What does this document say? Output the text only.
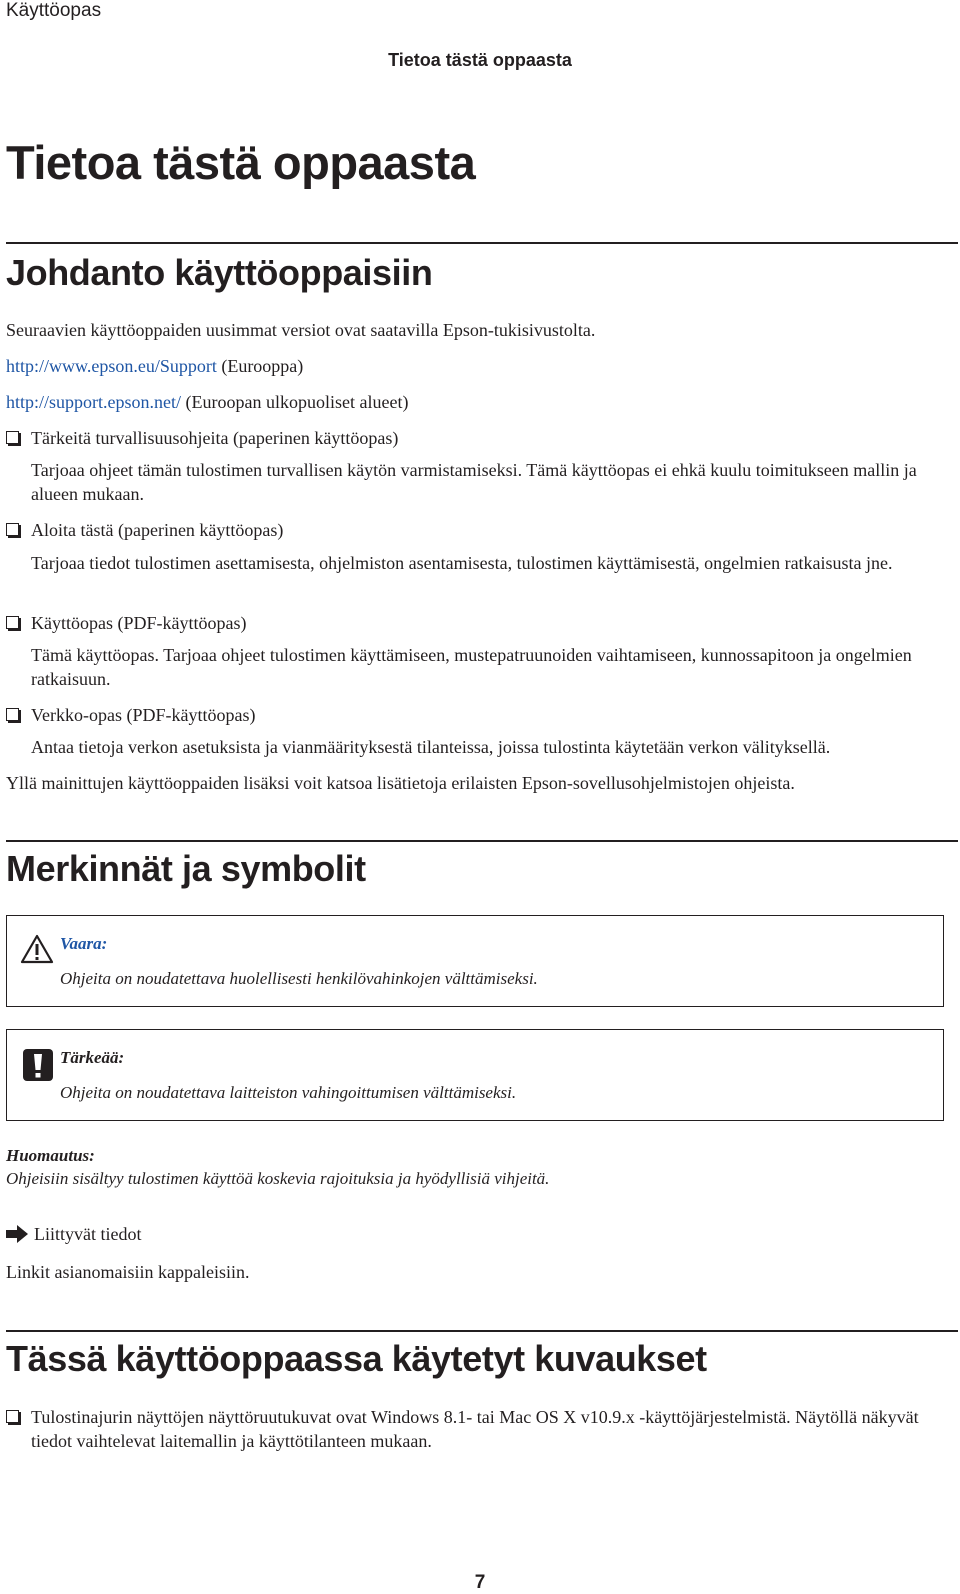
Käyttöopas
Tietoa tästä oppaasta
Tietoa tästä oppaasta
Johdanto käyttöoppaisiin

Seuraavien käyttöoppaiden uusimmat versiot ovat saatavilla Epson-tukisivustolta.

http://www.epson.eu/Support (Eurooppa)
http://support.epson.net/ (Euroopan ulkopuoliset alueet)
Tärkeitä turvallisuusohjeita (paperinen käyttöopas)

Tarjoaa ohjeet tämän tulostimen turvallisen käytön varmistamiseksi. Tämä käyttöopas ei ehkä kuulu toimitukseen mallin ja alueen mukaan.

Aloita tästä (paperinen käyttöopas)

Tarjoaa tiedot tulostimen asettamisesta, ohjelmiston asentamisesta, tulostimen käyttämisestä, ongelmien ratkaisusta jne.

Käyttöopas (PDF-käyttöopas)

Tämä käyttöopas. Tarjoaa ohjeet tulostimen käyttämiseen, mustepatruunoiden vaihtamiseen, kunnossapitoon ja ongelmien ratkaisuun.

Verkko-opas (PDF-käyttöopas)

Antaa tietoja verkon asetuksista ja vianmäärityksestä tilanteissa, joissa tulostinta käytetään verkon välityksellä.

Yllä mainittujen käyttöoppaiden lisäksi voit katsoa lisätietoja erilaisten Epson-sovellusohjelmistojen ohjeista.

Merkinnät ja symbolit
Vaara:
Ohjeita on noudatettava huolellisesti henkilövahinkojen välttämiseksi.
Tärkeää:
Ohjeita on noudatettava laitteiston vahingoittumisen välttämiseksi.
Huomautus:
Ohjeisiin sisältyy tulostimen käyttöä koskevia rajoituksia ja hyödyllisiä vihjeitä.
Liittyvät tiedot

Linkit asianomaisiin kappaleisiin.

Tässä käyttöoppaassa käytetyt kuvaukset
Tulostinajurin näyttöjen näyttöruutukuvat ovat Windows 8.1- tai Mac OS X v10.9.x -käyttöjärjestelmistä. Näytöllä näkyvät tiedot vaihtelevat laitemallin ja käyttötilanteen mukaan.
7
